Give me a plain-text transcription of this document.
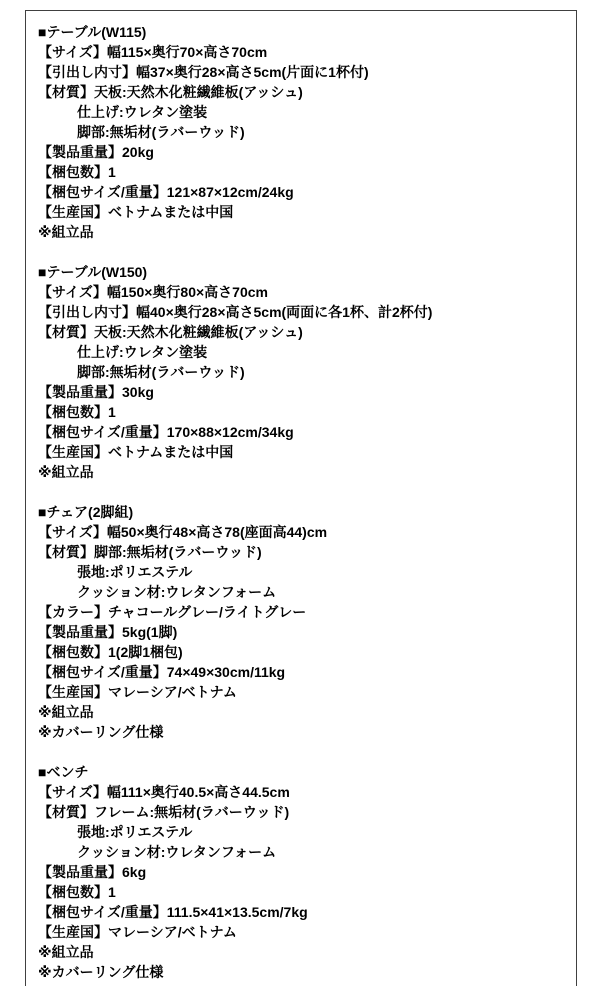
■テーブル(W115)
【サイズ】幅115×奥行70×高さ70cm
【引出し内寸】幅37×奥行28×高さ5cm(片面に1杯付)
【材質】天板:天然木化粧繊維板(アッシュ)
仕上げ:ウレタン塗装
脚部:無垢材(ラバーウッド)
【製品重量】20kg
【梱包数】1
【梱包サイズ/重量】121×87×12cm/24kg
【生産国】ベトナムまたは中国
※組立品
■テーブル(W150)
【サイズ】幅150×奥行80×高さ70cm
【引出し内寸】幅40×奥行28×高さ5cm(両面に各1杯、計2杯付)
【材質】天板:天然木化粧繊維板(アッシュ)
仕上げ:ウレタン塗装
脚部:無垢材(ラバーウッド)
【製品重量】30kg
【梱包数】1
【梱包サイズ/重量】170×88×12cm/34kg
【生産国】ベトナムまたは中国
※組立品
■チェア(2脚組)
【サイズ】幅50×奥行48×高さ78(座面高44)cm
【材質】脚部:無垢材(ラバーウッド)
張地:ポリエステル
クッション材:ウレタンフォーム
【カラー】チャコールグレー/ライトグレー
【製品重量】5kg(1脚)
【梱包数】1(2脚1梱包)
【梱包サイズ/重量】74×49×30cm/11kg
【生産国】マレーシア/ベトナム
※組立品
※カバーリング仕様
■ベンチ
【サイズ】幅111×奥行40.5×高さ44.5cm
【材質】フレーム:無垢材(ラバーウッド)
張地:ポリエステル
クッション材:ウレタンフォーム
【製品重量】6kg
【梱包数】1
【梱包サイズ/重量】111.5×41×13.5cm/7kg
【生産国】マレーシア/ベトナム
※組立品
※カバーリング仕様
